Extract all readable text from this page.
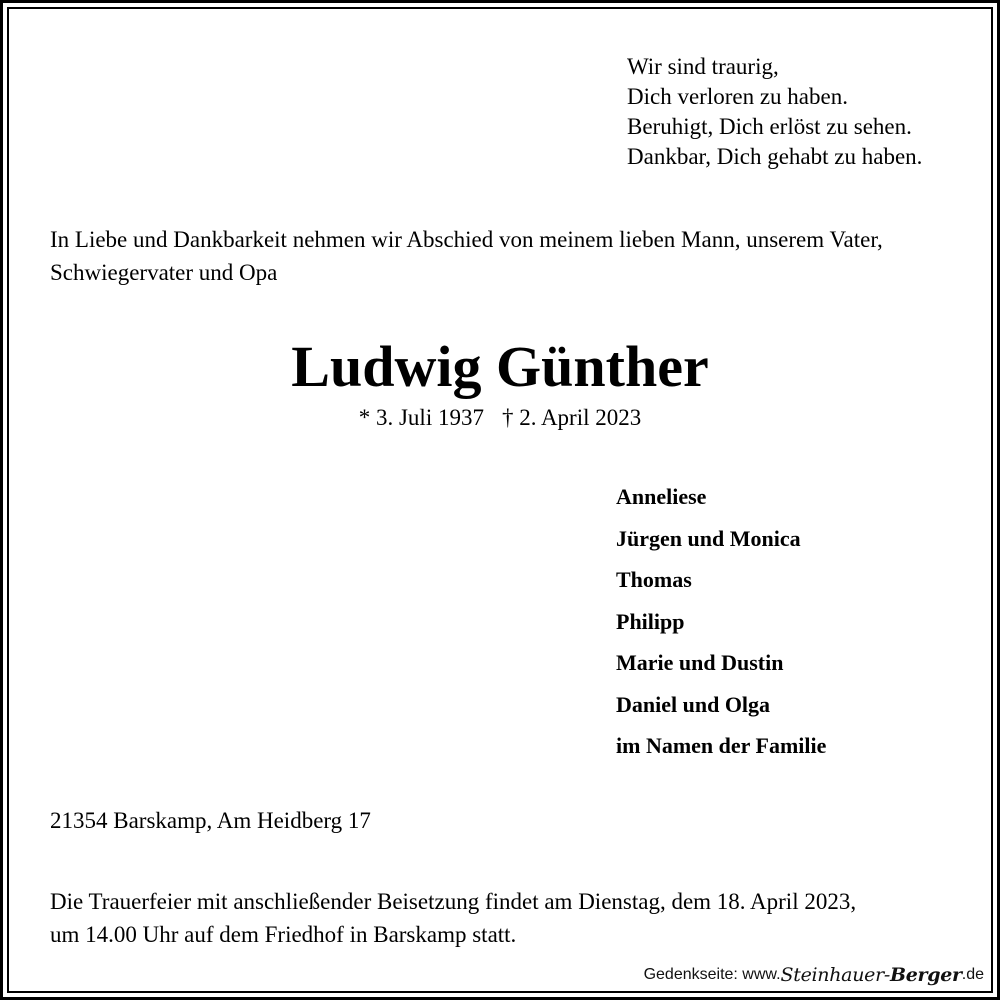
Wir sind traurig,
Dich verloren zu haben.
Beruhigt, Dich erlöst zu sehen.
Dankbar, Dich gehabt zu haben.
In Liebe und Dankbarkeit nehmen wir Abschied von meinem lieben Mann, unserem Vater,
Schwiegervater und Opa
Ludwig Günther
* 3. Juli 1937 † 2. April 2023
Anneliese
Jürgen und Monica
Thomas
Philipp
Marie und Dustin
Daniel und Olga
im Namen der Familie
21354 Barskamp, Am Heidberg 17
Die Trauerfeier mit anschließender Beisetzung findet am Dienstag, dem 18. April 2023,
um 14.00 Uhr auf dem Friedhof in Barskamp statt.
Gedenkseite: www. Steinhauer-Berger .de
